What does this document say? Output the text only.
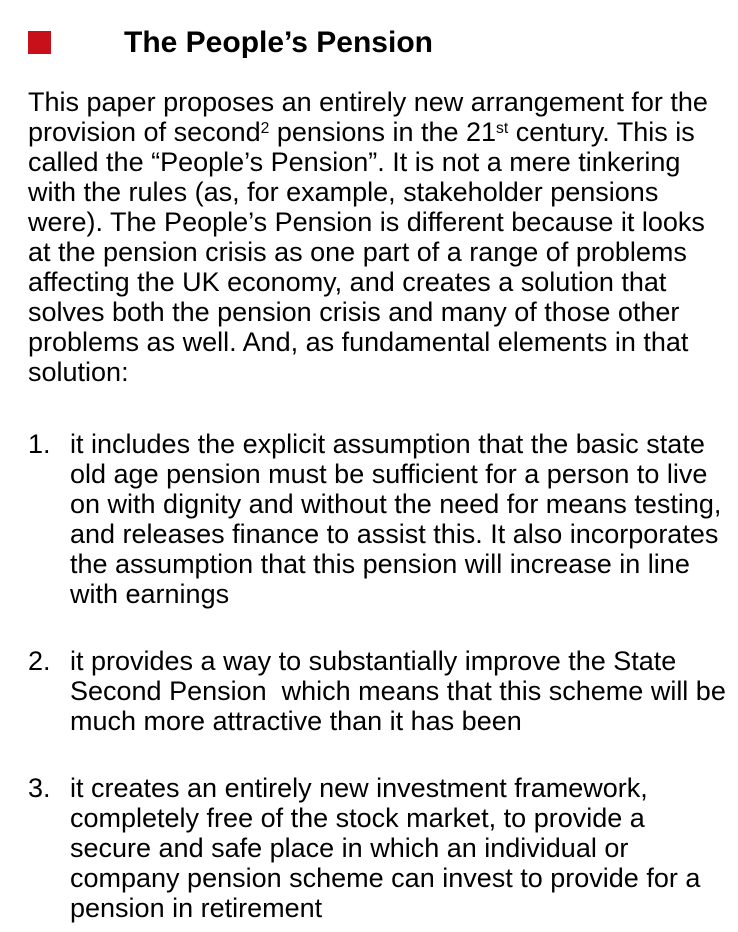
The People’s Pension

This paper proposes an entirely new arrangement for the provision of second$^2$ pensions in the 21st century. This is called the “People’s Pension”. It is not a mere tinkering with the rules (as, for example, stakeholder pensions were). The People’s Pension is different because it looks at the pension crisis as one part of a range of problems affecting the UK economy, and creates a solution that solves both the pension crisis and many of those other problems as well. And, as fundamental elements in that solution:

1. it includes the explicit assumption that the basic state old age pension must be sufficient for a person to live on with dignity and without the need for means testing, and releases finance to assist this. It also incorporates the assumption that this pension will increase in line with earnings
2. it provides a way to substantially improve the State Second Pension  which means that this scheme will be much more attractive than it has been
3. it creates an entirely new investment framework, completely free of the stock market, to provide a secure and safe place in which an individual or company pension scheme can invest to provide for a pension in retirement
